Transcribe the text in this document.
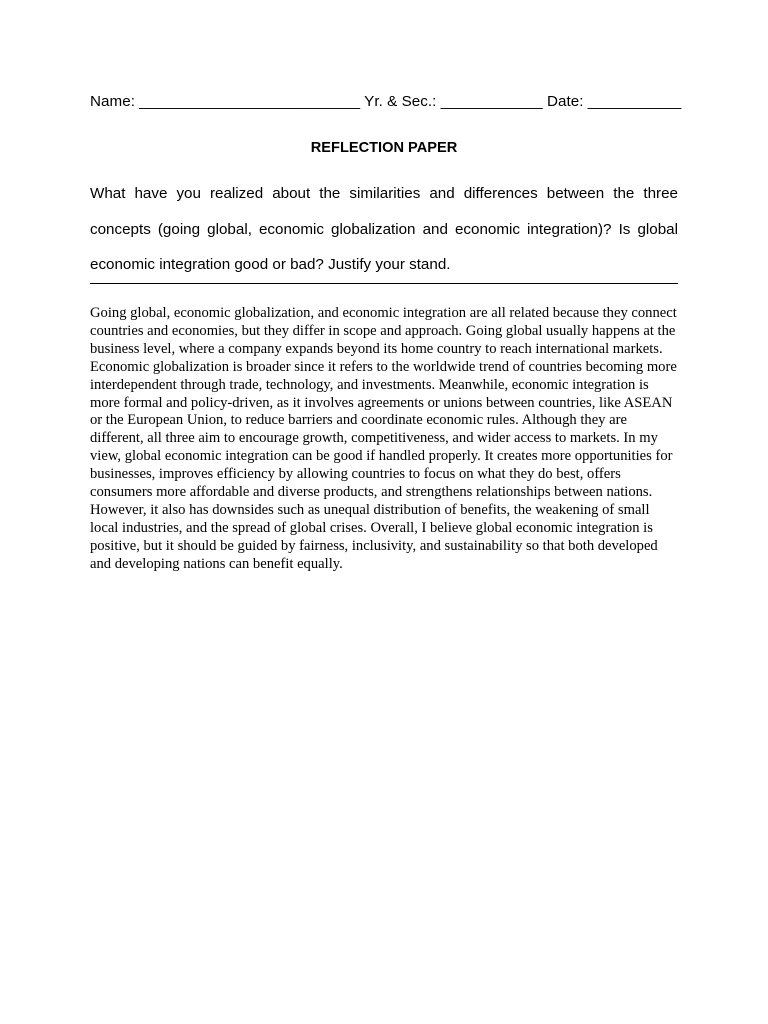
Name: __________________________ Yr. & Sec.: ____________ Date: ___________
REFLECTION PAPER

What have you realized about the similarities and differences between the three concepts (going global, economic globalization and economic integration)? Is global economic integration good or bad? Justify your stand.

Going global, economic globalization, and economic integration are all related because they connect countries and economies, but they differ in scope and approach. Going global usually happens at the business level, where a company expands beyond its home country to reach international markets. Economic globalization is broader since it refers to the worldwide trend of countries becoming more interdependent through trade, technology, and investments. Meanwhile, economic integration is more formal and policy-driven, as it involves agreements or unions between countries, like ASEAN or the European Union, to reduce barriers and coordinate economic rules. Although they are different, all three aim to encourage growth, competitiveness, and wider access to markets. In my view, global economic integration can be good if handled properly. It creates more opportunities for businesses, improves efficiency by allowing countries to focus on what they do best, offers consumers more affordable and diverse products, and strengthens relationships between nations. However, it also has downsides such as unequal distribution of benefits, the weakening of small local industries, and the spread of global crises. Overall, I believe global economic integration is positive, but it should be guided by fairness, inclusivity, and sustainability so that both developed and developing nations can benefit equally.
